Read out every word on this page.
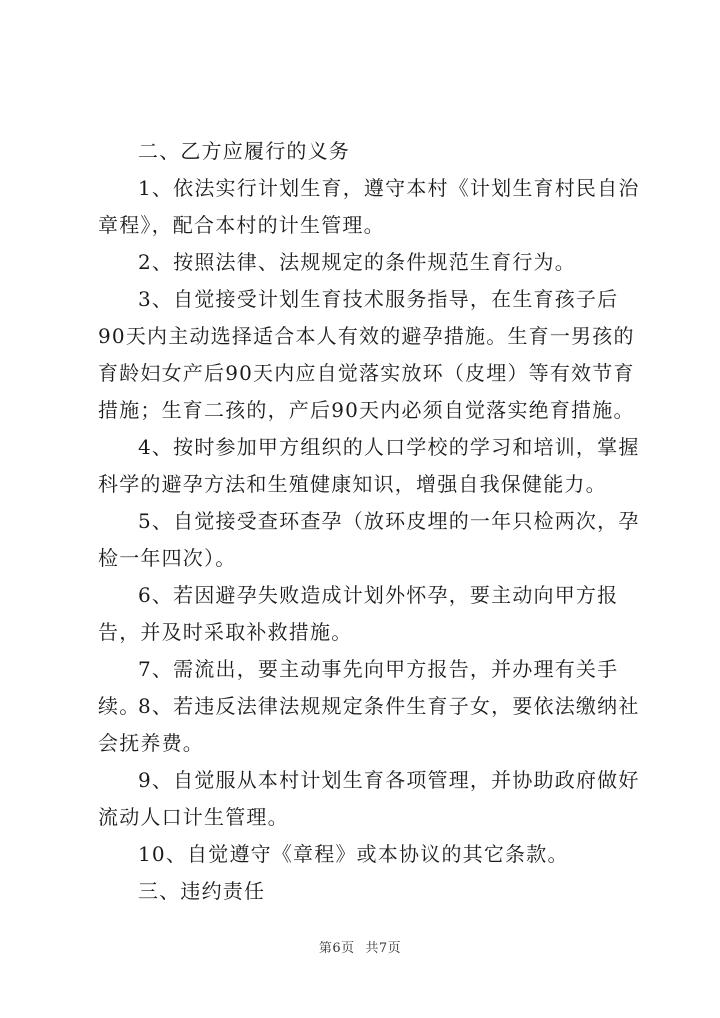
二、乙方应履行的义务

1、依法实行计划生育，遵守本村《计划生育村民自治章程》，配合本村的计生管理。

2、按照法律、法规规定的条件规范生育行为。

3、自觉接受计划生育技术服务指导，在生育孩子后90天内主动选择适合本人有效的避孕措施。生育一男孩的育龄妇女产后90天内应自觉落实放环（皮埋）等有效节育措施；生育二孩的，产后90天内必须自觉落实绝育措施。

4、按时参加甲方组织的人口学校的学习和培训，掌握科学的避孕方法和生殖健康知识，增强自我保健能力。

5、自觉接受查环查孕（放环皮埋的一年只检两次，孕检一年四次）。

6、若因避孕失败造成计划外怀孕，要主动向甲方报告，并及时采取补救措施。

7、需流出，要主动事先向甲方报告，并办理有关手续。

8、若违反法律法规规定条件生育子女，要依法缴纳社会抚养费。

9、自觉服从本村计划生育各项管理，并协助政府做好流动人口计生管理。

10、自觉遵守《章程》或本协议的其它条款。

三、违约责任

第6页 共7页
